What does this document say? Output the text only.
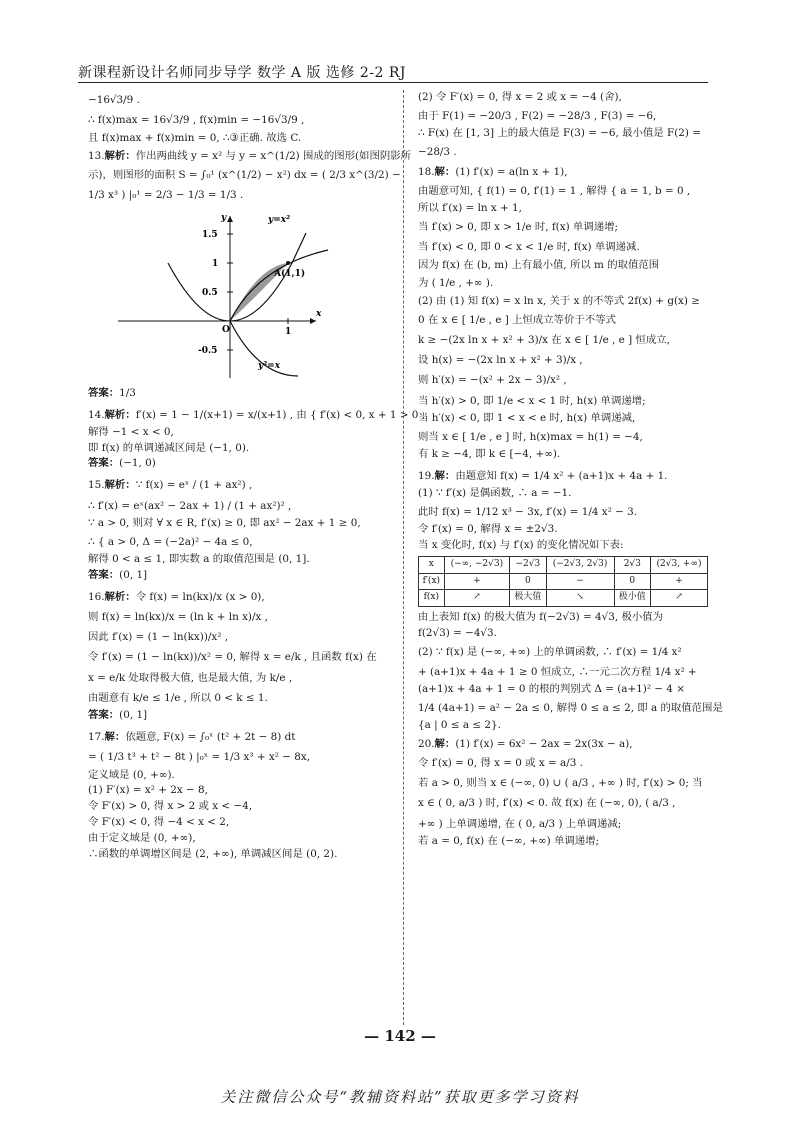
新课程新设计名师同步导学 数学 A 版 选修 2-2 RJ
−16√3/9 .
∴ f(x)max = 16√3/9 , f(x)min = −16√3/9 ,
且 f(x)max + f(x)min = 0, ∴③正确. 故选 C.
13.解析：作出两曲线 y = x² 与 y = x^(1/2) 围成的图形(如图阴影所
示)，则图形的面积 S = ∫₀¹ (x^(1/2) − x²) dx = ( 2/3 x^(3/2) −
1/3 x³ ) |₀¹ = 2/3 − 1/3 = 1/3 .
1.5
1
0.5
-0.5
1
O
y
x
y=x²
y²=x
A(1,1)
答案：1/3
14.解析：f′(x) = 1 − 1/(x+1) = x/(x+1) , 由 { f′(x) < 0, x + 1 > 0 ,
解得 −1 < x < 0,
即 f(x) 的单调递减区间是 (−1, 0).
答案：(−1, 0)
15.解析：∵ f(x) = eˣ / (1 + ax²) ,
∴ f′(x) = eˣ(ax² − 2ax + 1) / (1 + ax²)² ,
∵ a > 0, 则对 ∀ x ∈ R, f′(x) ≥ 0, 即 ax² − 2ax + 1 ≥ 0,
∴ { a > 0, Δ = (−2a)² − 4a ≤ 0,
解得 0 < a ≤ 1, 即实数 a 的取值范围是 (0, 1].
答案：(0, 1]
16.解析：令 f(x) = ln(kx)/x (x > 0),
则 f(x) = ln(kx)/x = (ln k + ln x)/x ,
因此 f′(x) = (1 − ln(kx))/x² ,
令 f′(x) = (1 − ln(kx))/x² = 0, 解得 x = e/k , 且函数 f(x) 在
x = e/k 处取得极大值, 也是最大值, 为 k/e ,
由题意有 k/e ≤ 1/e , 所以 0 < k ≤ 1.
答案：(0, 1]
17.解：依题意, F(x) = ∫₀ˣ (t² + 2t − 8) dt
= ( 1/3 t³ + t² − 8t ) |₀ˣ = 1/3 x³ + x² − 8x,
定义域是 (0, +∞).
(1) F′(x) = x² + 2x − 8,
令 F′(x) > 0, 得 x > 2 或 x < −4,
令 F′(x) < 0, 得 −4 < x < 2,
由于定义域是 (0, +∞),
∴函数的单调增区间是 (2, +∞), 单调减区间是 (0, 2).
(2) 令 F′(x) = 0, 得 x = 2 或 x = −4 (舍),
由于 F(1) = −20/3 , F(2) = −28/3 , F(3) = −6,
∴ F(x) 在 [1, 3] 上的最大值是 F(3) = −6, 最小值是 F(2) =
−28/3 .
18.解：(1) f′(x) = a(ln x + 1),
由题意可知, { f(1) = 0, f′(1) = 1 , 解得 { a = 1, b = 0 ,
所以 f′(x) = ln x + 1,
当 f′(x) > 0, 即 x > 1/e 时, f(x) 单调递增;
当 f′(x) < 0, 即 0 < x < 1/e 时, f(x) 单调递减.
因为 f(x) 在 (b, m) 上有最小值, 所以 m 的取值范围
为 ( 1/e , +∞ ).
(2) 由 (1) 知 f(x) = x ln x, 关于 x 的不等式 2f(x) + g(x) ≥
0 在 x ∈ [ 1/e , e ] 上恒成立等价于不等式
k ≥ −(2x ln x + x² + 3)/x 在 x ∈ [ 1/e , e ] 恒成立,
设 h(x) = −(2x ln x + x² + 3)/x ,
则 h′(x) = −(x² + 2x − 3)/x² ,
当 h′(x) > 0, 即 1/e < x < 1 时, h(x) 单调递增;
当 h′(x) < 0, 即 1 < x < e 时, h(x) 单调递减,
则当 x ∈ [ 1/e , e ] 时, h(x)max = h(1) = −4,
有 k ≥ −4, 即 k ∈ [−4, +∞).
19.解：由题意知 f(x) = 1/4 x² + (a+1)x + 4a + 1.
(1) ∵ f′(x) 是偶函数, ∴ a = −1.
此时 f(x) = 1/12 x³ − 3x, f′(x) = 1/4 x² − 3.
令 f′(x) = 0, 解得 x = ±2√3.
当 x 变化时, f(x) 与 f′(x) 的变化情况如下表:
x	(−∞, −2√3)	−2√3	(−2√3, 2√3)	2√3	(2√3, +∞)
f′(x)	+	0	−	0	+
f(x)	↗	极大值	↘	极小值	↗
由上表知 f(x) 的极大值为 f(−2√3) = 4√3, 极小值为
f(2√3) = −4√3.
(2) ∵ f(x) 是 (−∞, +∞) 上的单调函数, ∴ f′(x) = 1/4 x²
+ (a+1)x + 4a + 1 ≥ 0 恒成立, ∴一元二次方程 1/4 x² +
(a+1)x + 4a + 1 = 0 的根的判别式 Δ = (a+1)² − 4 ×
1/4 (4a+1) = a² − 2a ≤ 0, 解得 0 ≤ a ≤ 2, 即 a 的取值范围是
{a | 0 ≤ a ≤ 2}.
20.解：(1) f′(x) = 6x² − 2ax = 2x(3x − a),
令 f′(x) = 0, 得 x = 0 或 x = a/3 .
若 a > 0, 则当 x ∈ (−∞, 0) ∪ ( a/3 , +∞ ) 时, f′(x) > 0; 当
x ∈ ( 0, a/3 ) 时, f′(x) < 0. 故 f(x) 在 (−∞, 0), ( a/3 ,
+∞ ) 上单调递增, 在 ( 0, a/3 ) 上单调递减;
若 a = 0, f(x) 在 (−∞, +∞) 单调递增;
— 142 —
关注微信公众号“教辅资料站”获取更多学习资料
